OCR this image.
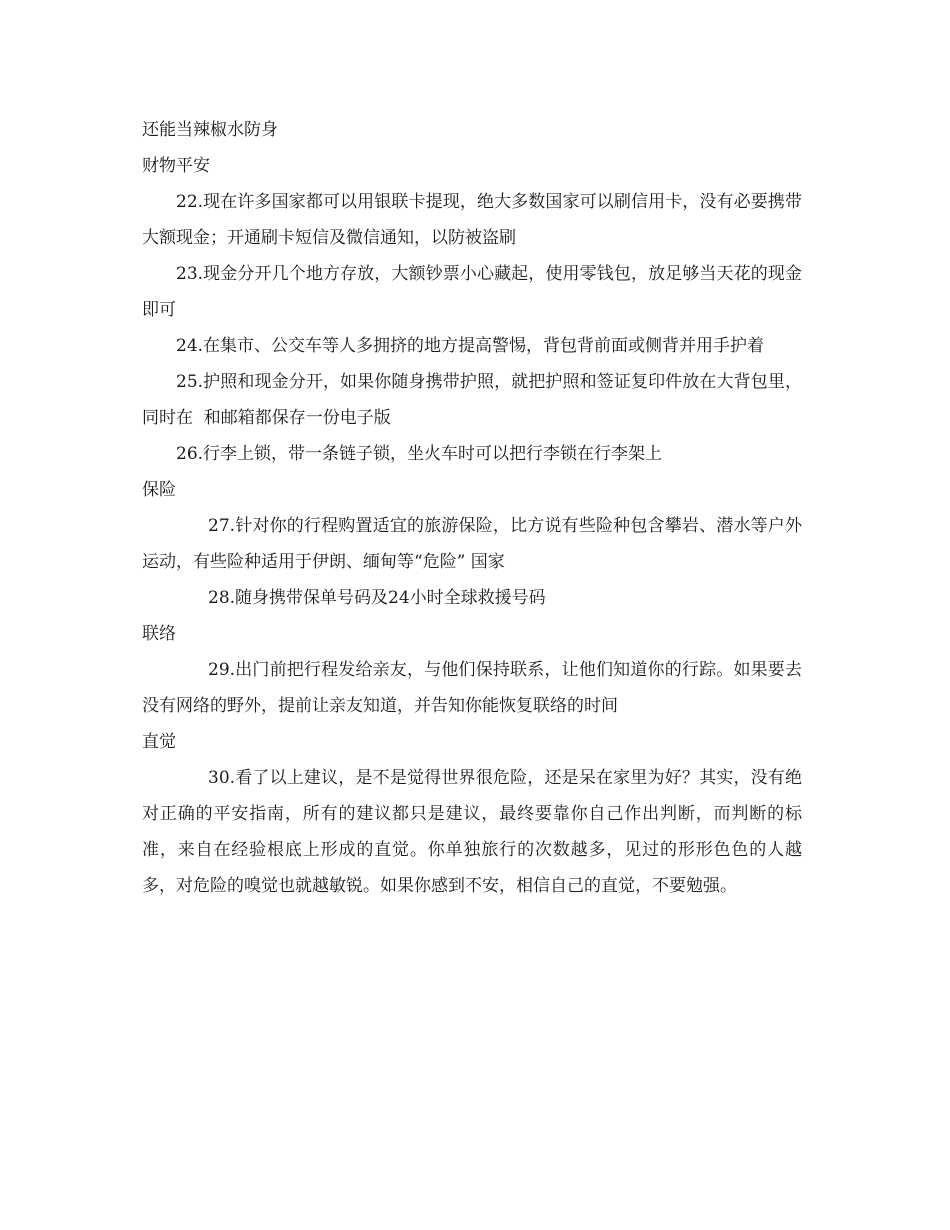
还能当辣椒水防身

财物平安

22.现在许多国家都可以用银联卡提现，绝大多数国家可以刷信用卡，没有必要携带大额现金；开通刷卡短信及微信通知，以防被盗刷

23.现金分开几个地方存放，大额钞票小心藏起，使用零钱包，放足够当天花的现金即可

24.在集市、公交车等人多拥挤的地方提高警惕，背包背前面或侧背并用手护着

25.护照和现金分开，如果你随身携带护照，就把护照和签证复印件放在大背包里，同时在  和邮箱都保存一份电子版

26.行李上锁，带一条链子锁，坐火车时可以把行李锁在行李架上

保险

27.针对你的行程购置适宜的旅游保险，比方说有些险种包含攀岩、潜水等户外运动，有些险种适用于伊朗、缅甸等“危险” 国家

28.随身携带保单号码及24小时全球救援号码

联络

29.出门前把行程发给亲友，与他们保持联系，让他们知道你的行踪。如果要去  没有网络的野外，提前让亲友知道，并告知你能恢复联络的时间

直觉

30.看了以上建议，是不是觉得世界很危险，还是呆在家里为好？其实，没有绝对正确的平安指南，所有的建议都只是建议，最终要靠你自己作出判断，而判断的标准，来自在经验根底上形成的直觉。你单独旅行的次数越多，见过的形形色色的人越多，对危险的嗅觉也就越敏锐。如果你感到不安，相信自己的直觉，不要勉强。
